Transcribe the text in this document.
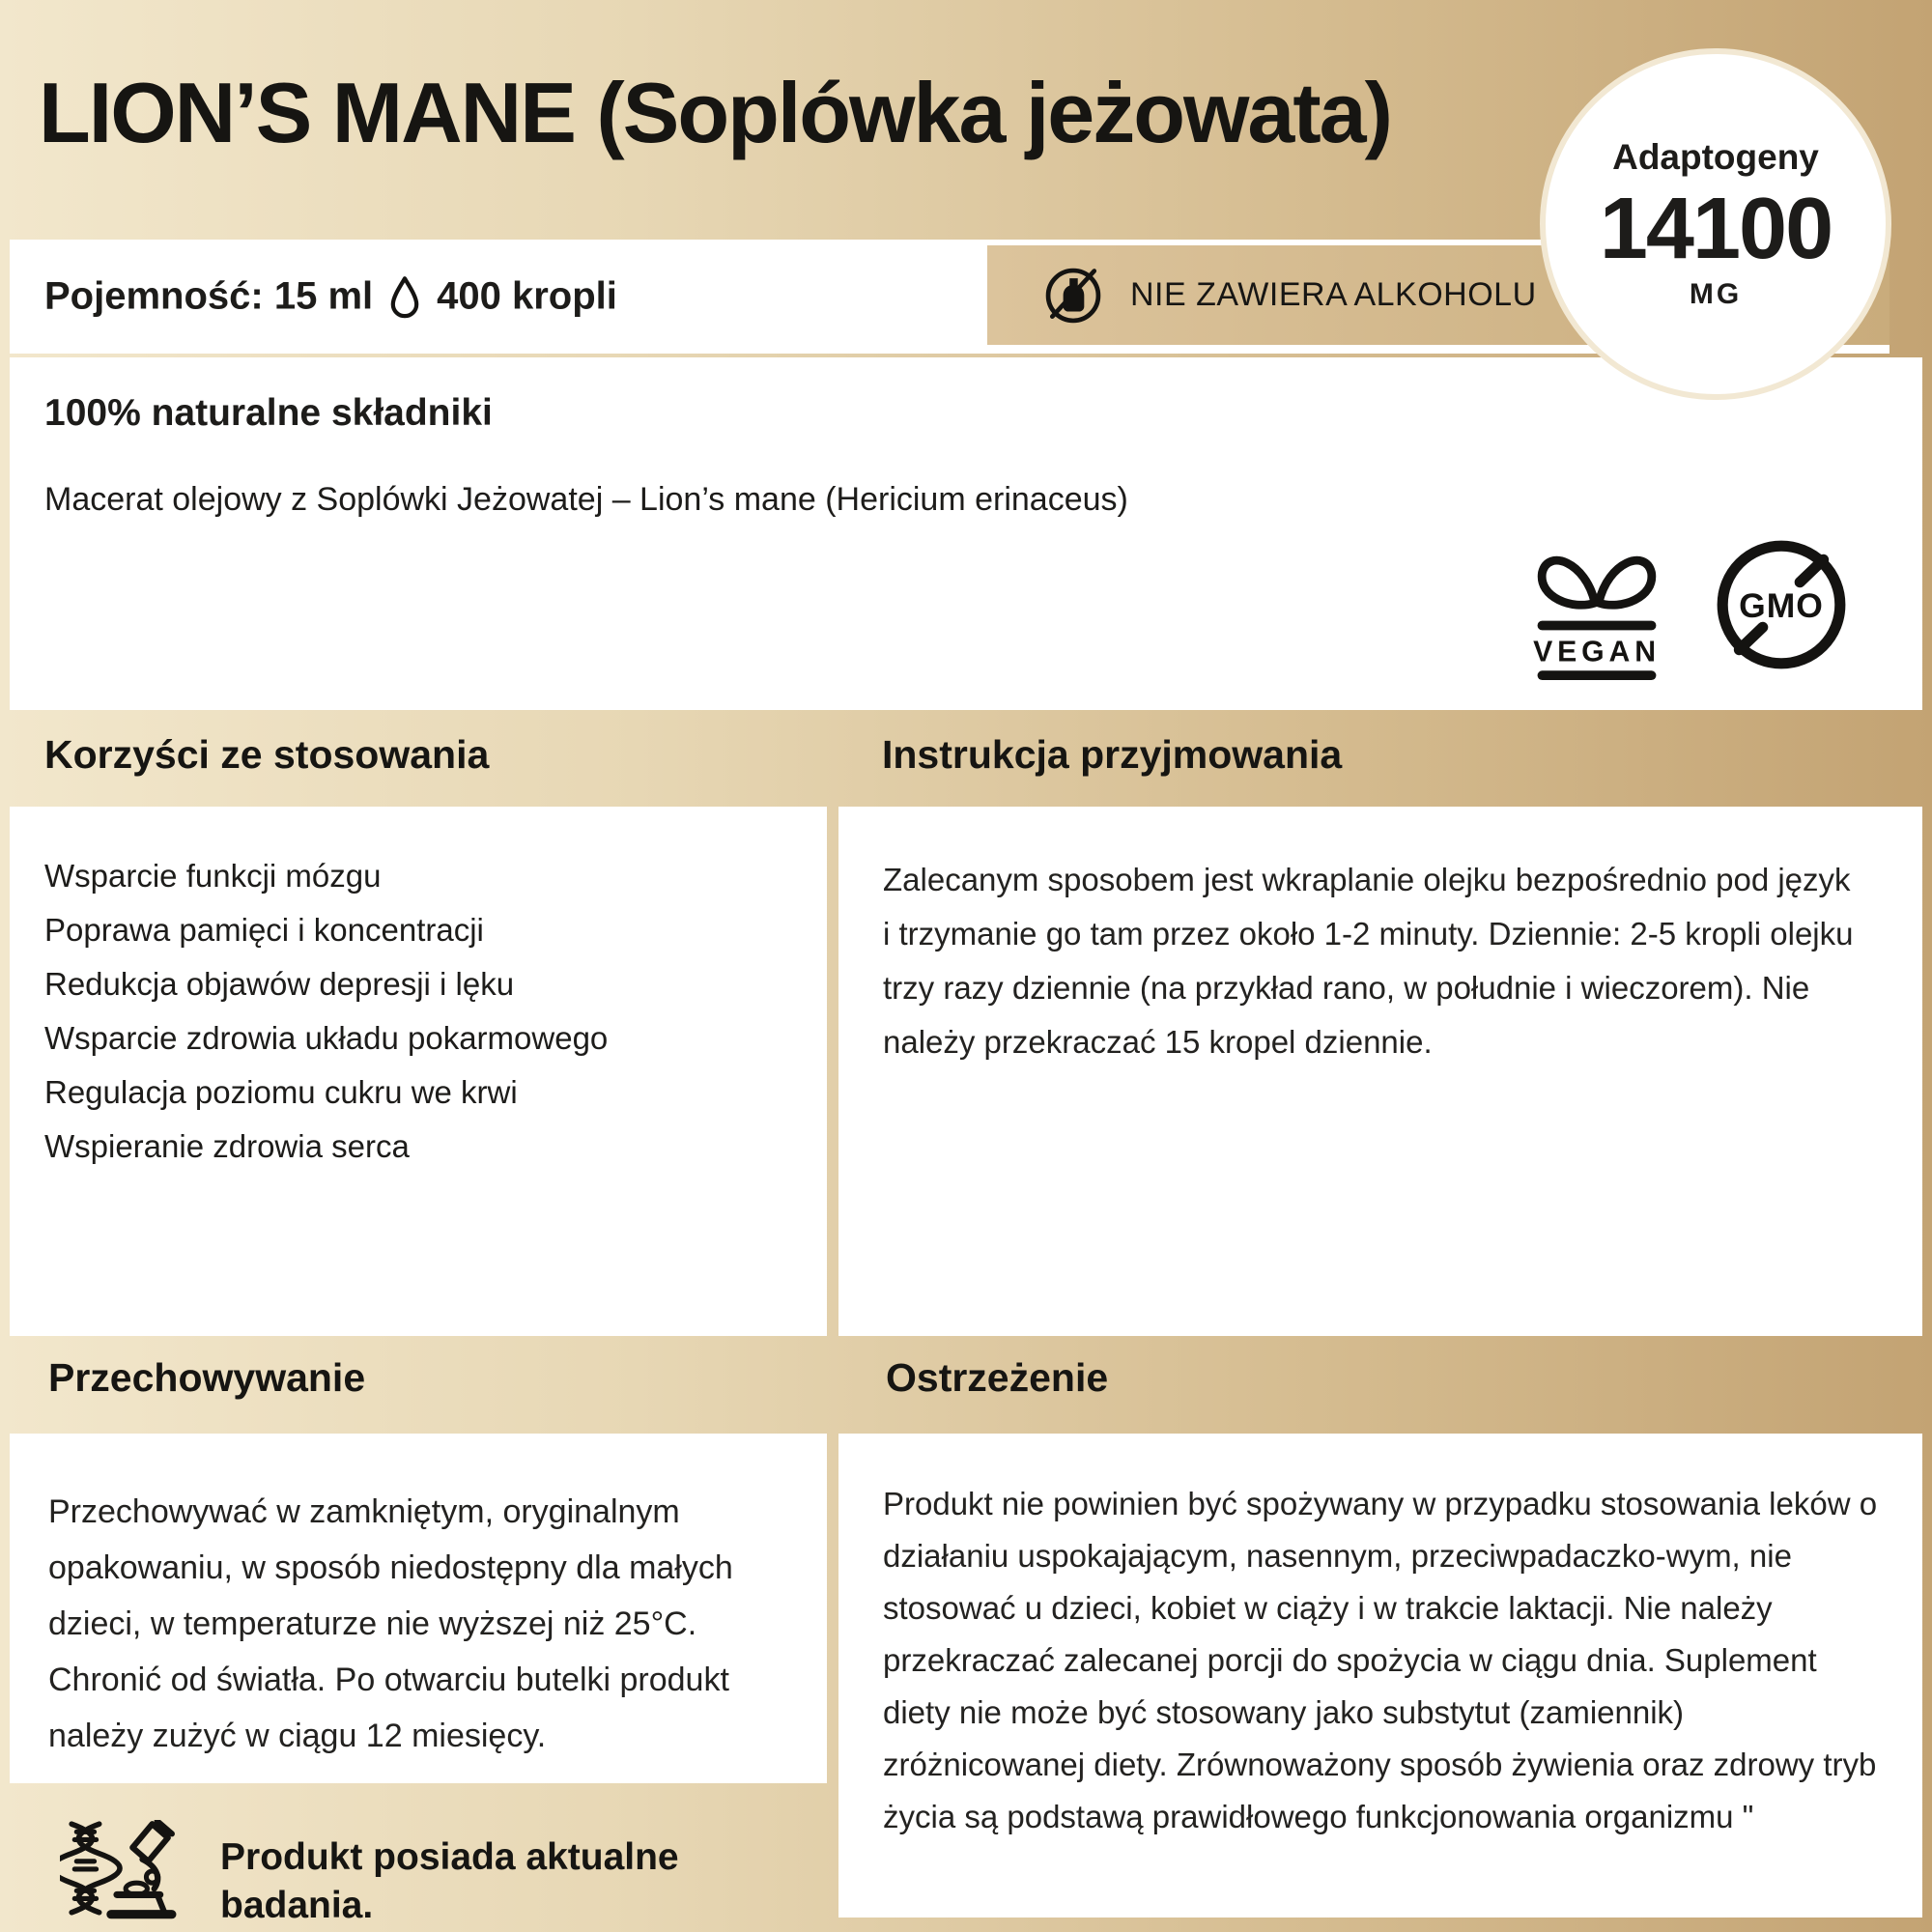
LION’S MANE (Soplówka jeżowata)
Pojemność: 15 ml 400 kropli	NIE ZAWIERA ALKOHOLU
Adaptogeny
14100
MG
100% naturalne składniki
Macerat olejowy z Soplówki Jeżowatej – Lion’s mane (Hericium erinaceus)
VEGAN
GMO
Korzyści ze stosowania	Instrukcja przyjmowania
Przechowywanie	Ostrzeżenie
Wsparcie funkcji mózgu
Poprawa pamięci i koncentracji
Redukcja objawów depresji i lęku
Wsparcie zdrowia układu pokarmowego
Regulacja poziomu cukru we krwi
Wspieranie zdrowia serca
Zalecanym sposobem jest wkraplanie olejku bezpośrednio pod język i trzymanie go tam przez około 1-2 minuty. Dziennie: 2-5 kropli olejku trzy razy dziennie (na przykład rano, w południe i wieczorem). Nie należy przekraczać 15 kropel dziennie.
Przechowywać w zamkniętym, oryginalnym opakowaniu, w sposób niedostępny dla małych dzieci, w temperaturze nie wyższej niż 25°C. Chronić od światła. Po otwarciu butelki produkt należy zużyć w ciągu 12 miesięcy.
Produkt nie powinien być spożywany w przypadku stosowania leków o działaniu uspokajającym, nasennym, przeciwpadaczko-wym, nie stosować u dzieci, kobiet w ciąży i w trakcie laktacji. Nie należy przekraczać zalecanej porcji do spożycia w ciągu dnia. Suplement diety nie może być stosowany jako substytut (zamiennik) zróżnicowanej diety. Zrównoważony sposób żywienia oraz zdrowy tryb życia są podstawą prawidłowego funkcjonowania organizmu "
Produkt posiada aktualne badania.
